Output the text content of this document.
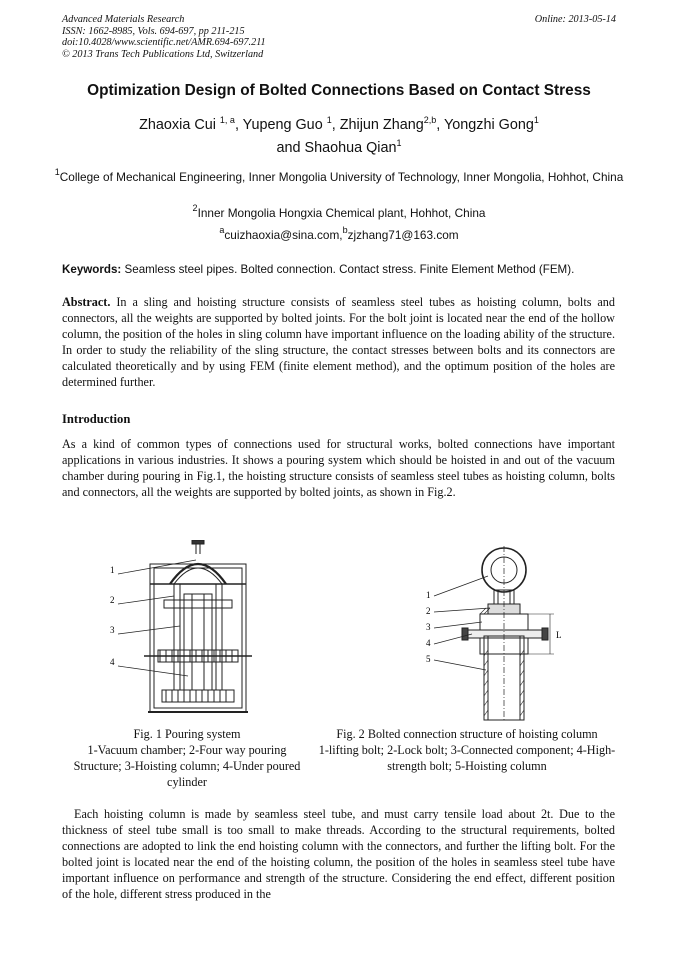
Advanced Materials Research
ISSN: 1662-8985, Vols. 694-697, pp 211-215
doi:10.4028/www.scientific.net/AMR.694-697.211
© 2013 Trans Tech Publications Ltd, Switzerland
Online: 2013-05-14
Optimization Design of Bolted Connections Based on Contact Stress
Zhaoxia Cui $^{1, a}$, Yupeng Guo $^1$, Zhijun Zhang$^{2,b}$, Yongzhi Gong$^1$
and Shaohua Qian$^1$
$^1$College of Mechanical Engineering, Inner Mongolia University of Technology, Inner Mongolia, Hohhot, China
$^2$Inner Mongolia Hongxia Chemical plant, Hohhot, China
$^a$cuizhaoxia@sina.com,$^b$zjzhang71@163.com
Keywords: Seamless steel pipes. Bolted connection. Contact stress. Finite Element Method (FEM).
Abstract. In a sling and hoisting structure consists of seamless steel tubes as hoisting column, bolts and connectors, all the weights are supported by bolted joints. For the bolt joint is located near the end of the hollow column, the position of the holes in sling column have important influence on the loading ability of the structure. In order to study the reliability of the sling structure, the contact stresses between bolts and its connectors are calculated theoretically and by using FEM (finite element method), and the optimum position of the holes are determined further.
Introduction
As a kind of common types of connections used for structural works, bolted connections have important applications in various industries. It shows a pouring system which should be hoisted in and out of the vacuum chamber during pouring in Fig.1, the hoisting structure consists of seamless steel tubes as hoisting column, bolts and connectors, all the weights are supported by bolted joints, as shown in Fig.2.
1
2
3
4
1
2
3
4
5
L
Fig. 1 Pouring system
1-Vacuum chamber; 2-Four way pouring Structure; 3-Hoisting column; 4-Under poured cylinder
Fig. 2 Bolted connection structure of hoisting column
1-lifting bolt; 2-Lock bolt; 3-Connected component; 4-High-strength bolt; 5-Hoisting column
Each hoisting column is made by seamless steel tube, and must carry tensile load about 2t. Due to the thickness of steel tube small is too small to make threads. According to the structural requirements, bolted connections are adopted to link the end hoisting column with the connectors, and further the lifting bolt. For the bolted joint is located near the end of the hoisting column, the position of the holes in seamless steel tube have important influence on performance and strength of the structure. Considering the end effect, different position of the hole, different stress produced in the
